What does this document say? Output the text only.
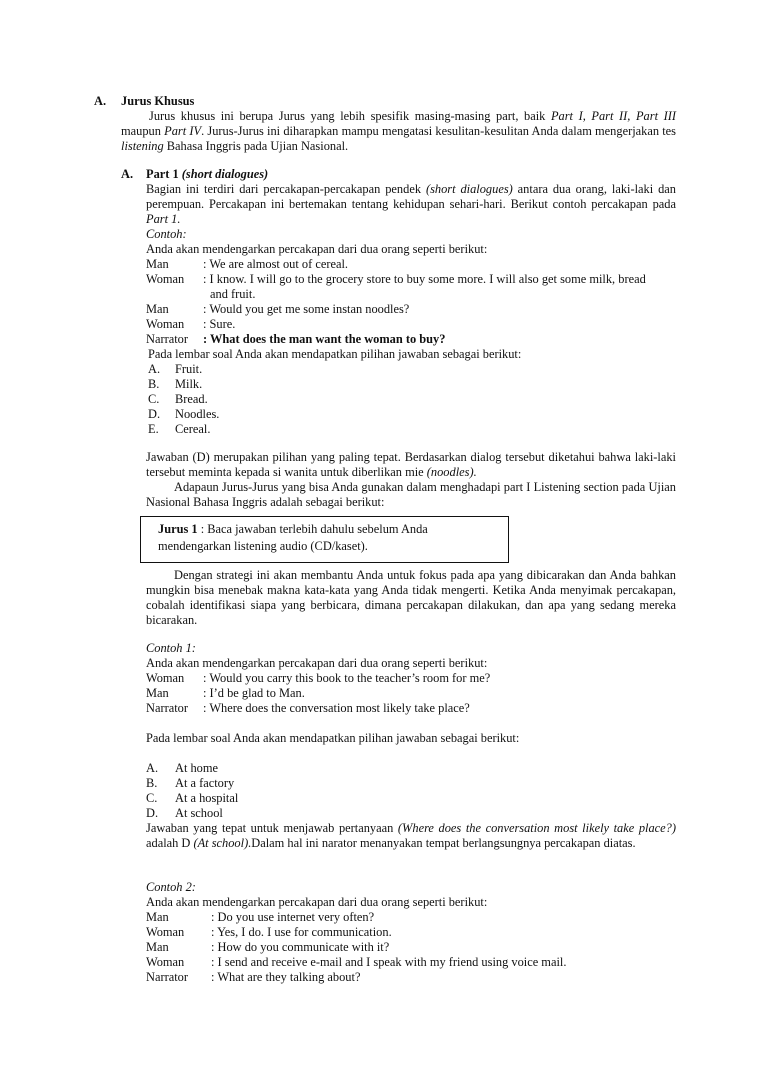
A. Jurus Khusus
Jurus khusus ini berupa Jurus yang lebih spesifik masing-masing part, baik Part I, Part II, Part III maupun Part IV. Jurus-Jurus ini diharapkan mampu mengatasi kesulitan-kesulitan Anda dalam mengerjakan tes listening Bahasa Inggris pada Ujian Nasional.
A. Part 1 (short dialogues)
Bagian ini terdiri dari percakapan-percakapan pendek (short dialogues) antara dua orang, laki-laki dan perempuan. Percakapan ini bertemakan tentang kehidupan sehari-hari. Berikut contoh percakapan pada Part 1.
Contoh:
Anda akan mendengarkan percakapan dari dua orang seperti berikut:
Man	: We are almost out of cereal.
Woman : I know. I will go to the grocery store to buy some more. I will also get some milk, bread
and fruit.
Man	: Would you get me some instan noodles?
Woman : Sure.
Narrator : What does the man want the woman to buy?
Pada lembar soal Anda akan mendapatkan pilihan jawaban sebagai berikut:
A. Fruit.
B. Milk.
C. Bread.
D. Noodles.
E. Cereal.
Jawaban (D) merupakan pilihan yang paling tepat. Berdasarkan dialog tersebut diketahui bahwa laki-laki tersebut meminta kepada si wanita untuk diberlikan mie (noodles).
Adapaun Jurus-Jurus yang bisa Anda gunakan dalam menghadapi part I Listening section pada Ujian Nasional Bahasa Inggris adalah sebagai berikut:
Jurus 1 : Baca jawaban terlebih dahulu sebelum Anda
mendengarkan listening audio (CD/kaset).
Dengan strategi ini akan membantu Anda untuk fokus pada apa yang dibicarakan dan Anda bahkan mungkin bisa menebak makna kata-kata yang Anda tidak mengerti. Ketika Anda menyimak percakapan, cobalah identifikasi siapa yang berbicara, dimana percakapan dilakukan, dan apa yang sedang mereka bicarakan.
Contoh 1:
Anda akan mendengarkan percakapan dari dua orang seperti berikut:
Woman : Would you carry this book to the teacher’s room for me?
Man	: I’d be glad to Man.
Narrator : Where does the conversation most likely take place?
Pada lembar soal Anda akan mendapatkan pilihan jawaban sebagai berikut:
A. At home
B. At a factory
C. At a hospital
D. At school
Jawaban yang tepat untuk menjawab pertanyaan (Where does the conversation most likely take place?) adalah D (At school).Dalam hal ini narator menanyakan tempat berlangsungnya percakapan diatas.
Contoh 2:
Anda akan mendengarkan percakapan dari dua orang seperti berikut:
Man	: Do you use internet very often?
Woman : Yes, I do. I use for communication.
Man	: How do you communicate with it?
Woman : I send and receive e-mail and I speak with my friend using voice mail.
Narrator : What are they talking about?
